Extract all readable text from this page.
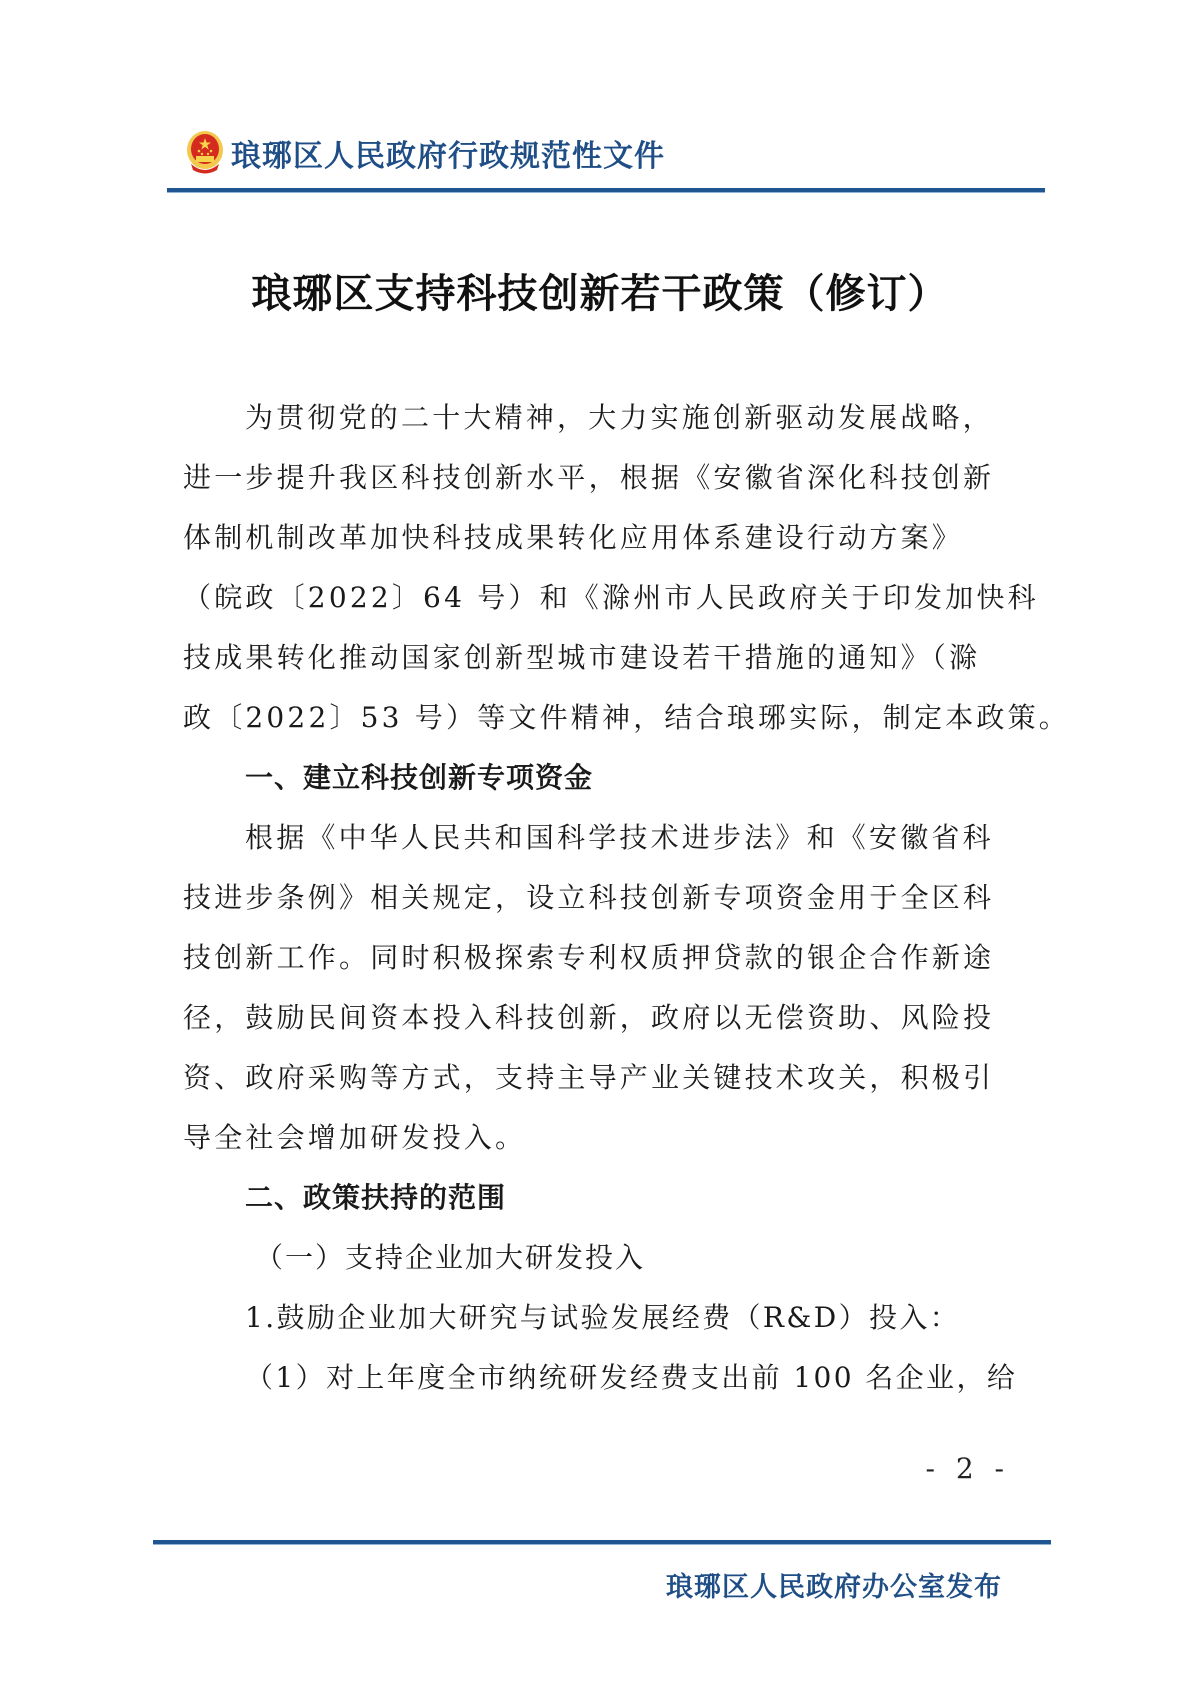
琅琊区人民政府行政规范性文件
琅琊区支持科技创新若干政策（修订）

为贯彻党的二十大精神，大力实施创新驱动发展战略，
进一步提升我区科技创新水平，根据《安徽省深化科技创新
体制机制改革加快科技成果转化应用体系建设行动方案》
（皖政〔2022〕64 号）和《滁州市人民政府关于印发加快科
技成果转化推动国家创新型城市建设若干措施的通知》（滁
政〔2022〕53 号）等文件精神，结合琅琊实际，制定本政策。

一、建立科技创新专项资金

根据《中华人民共和国科学技术进步法》和《安徽省科
技进步条例》相关规定，设立科技创新专项资金用于全区科
技创新工作。同时积极探索专利权质押贷款的银企合作新途
径，鼓励民间资本投入科技创新，政府以无偿资助、风险投
资、政府采购等方式，支持主导产业关键技术攻关，积极引
导全社会增加研发投入。

二、政策扶持的范围

（一）支持企业加大研发投入

1.鼓励企业加大研究与试验发展经费（R&D）投入：

（1）对上年度全市纳统研发经费支出前 100 名企业，给

- 2 -
琅琊区人民政府办公室发布
